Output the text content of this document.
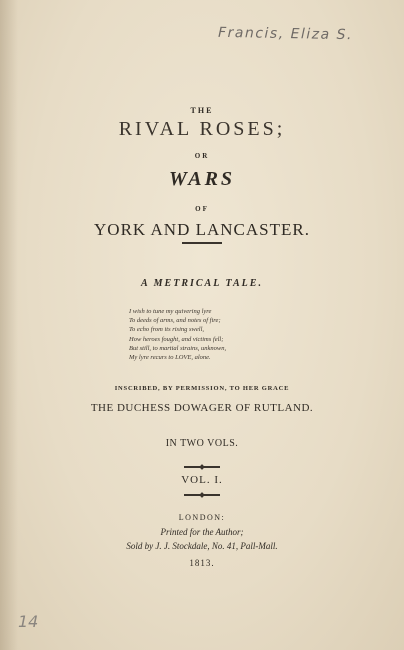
Francis, Eliza S.
THE
RIVAL ROSES;
OR
WARS
OF
YORK AND LANCASTER.
A METRICAL TALE.
I wish to tune my quivering lyre
To deeds of arms, and notes of fire;
To echo from its rising swell,
How heroes fought, and victims fell;
But still, to martial strains, unknown,
My lyre recurs to LOVE, alone.
INSCRIBED, BY PERMISSION, TO HER GRACE
THE DUCHESS DOWAGER OF RUTLAND.
IN TWO VOLS.
VOL. I.
LONDON:
Printed for the Author;
Sold by J. J. Stockdale, No. 41, Pall-Mall.
1813.
14
